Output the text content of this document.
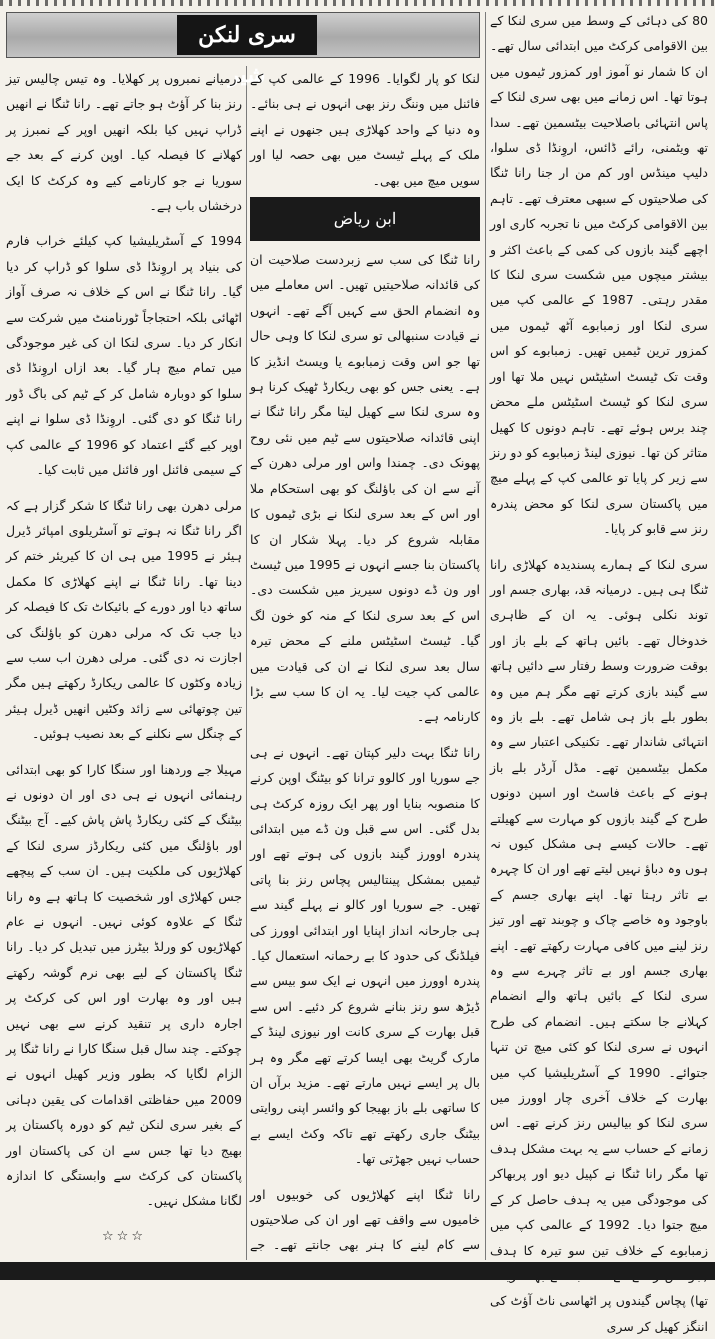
80 کی دہائی کے وسط میں سری لنکا کے بین الاقوامی کرکٹ میں ابتدائی سال تھے۔ ان کا شمار نو آموز اور کمزور ٹیموں میں ہوتا تھا۔ اس زمانے میں بھی سری لنکا کے پاس انتہائی باصلاحیت بیٹسمین تھے۔ سدا تھ ویٹمنی، رائے ڈائس، اروِنڈا ڈی سلوا، دلیپ مینڈس اور کم من ار جنا رانا ٹنگا کی صلاحیتوں کے سبھی معترف تھے۔ تاہم بین الاقوامی کرکٹ میں نا تجربہ کاری اور اچھے گیند بازوں کی کمی کے باعث اکثر و بیشتر میچوں میں شکست سری لنکا کا مقدر رہتی۔ 1987 کے عالمی کپ میں سری لنکا اور زمبابوے آٹھ ٹیموں میں کمزور ترین ٹیمیں تھیں۔ زمبابوے کو اس وقت تک ٹیسٹ اسٹیٹس نہیں ملا تھا اور سری لنکا کو ٹیسٹ اسٹیٹس ملے محض چند برس ہوئے تھے۔ تاہم دونوں کا کھیل متاثر کن تھا۔ نیوزی لینڈ زمبابوے کو دو رنز سے زیر کر پایا تو عالمی کپ کے پہلے میچ میں پاکستان سری لنکا کو محض پندرہ رنز سے قابو کر پایا۔

سری لنکا کے ہمارے پسندیدہ کھلاڑی رانا ٹنگا ہی ہیں۔ درمیانہ قد، بھاری جسم اور توند نکلی ہوئی۔ یہ ان کے ظاہری خدوخال تھے۔ بائیں ہاتھ کے بلے باز اور بوقت ضرورت وسط رفتار سے دائیں ہاتھ سے گیند بازی کرتے تھے مگر ہم میں وہ بطور بلے باز ہی شامل تھے۔ بلے باز وہ انتہائی شاندار تھے۔ تکنیکی اعتبار سے وہ مکمل بیٹسمین تھے۔ مڈل آرڈر بلے باز ہونے کے باعث فاسٹ اور اسپن دونوں طرح کے گیند بازوں کو مہارت سے کھیلتے تھے۔ حالات کیسے ہی مشکل کیوں نہ ہوں وہ دباؤ نہیں لیتے تھے اور ان کا چہرہ بے تاثر رہتا تھا۔ اپنے بھاری جسم کے باوجود وہ خاصے چاک و چوبند تھے اور تیز رنز لینے میں کافی مہارت رکھتے تھے۔ اپنے بھاری جسم اور بے تاثر چہرے سے وہ سری لنکا کے بائیں ہاتھ والے انضمام کہلانے جا سکتے ہیں۔ انضمام کی طرح انہوں نے سری لنکا کو کئی میچ تن تنہا جتوائے۔ 1990 کے آسٹریلیشیا کپ میں بھارت کے خلاف آخری چار اوورز میں سری لنکا کو بیالیس رنز کرنے تھے۔ اس زمانے کے حساب سے یہ بہت مشکل ہدف تھا مگر رانا ٹنگا نے کپیل دیو اور پربھاکر کی موجودگی میں یہ ہدف حاصل کر کے میچ جتوا دیا۔ 1992 کے عالمی کپ میں زمبابوے کے خلاف تین سو تیرہ کا ہدف تھا) پچاس گیندوں پر اٹھاسی ناٹ آؤٹ کی اننگز کھیل کر سری

سری لنکن شیر

لنکا کو پار لگوایا۔ 1996 کے عالمی کپ کے فائنل میں وننگ رنز بھی انہوں نے ہی بنائے۔ وہ دنیا کے واحد کھلاڑی ہیں جنھوں نے اپنے ملک کے پہلے ٹیسٹ میں بھی حصہ لیا اور سویں میچ میں بھی۔

ابن ریاض

رانا ٹنگا کی سب سے زبردست صلاحیت ان کی قائدانہ صلاحیتیں تھیں۔ اس معاملے میں وہ انضمام الحق سے کہیں آگے تھے۔ انہوں نے قیادت سنبھالی تو سری لنکا کا وہی حال تھا جو اس وقت زمبابوے یا ویسٹ انڈیز کا ہے۔ یعنی جس کو بھی ریکارڈ ٹھیک کرنا ہو وہ سری لنکا سے کھیل لیتا مگر رانا ٹنگا نے اپنی قائدانہ صلاحیتوں سے ٹیم میں نئی روح پھونک دی۔ چمندا واس اور مرلی دھرن کے آنے سے ان کی باؤلنگ کو بھی استحکام ملا اور اس کے بعد سری لنکا نے بڑی ٹیموں کا مقابلہ شروع کر دیا۔ پہلا شکار ان کا پاکستان بنا جسے انہوں نے 1995 میں ٹیسٹ اور ون ڈے دونوں سیریز میں شکست دی۔ اس کے بعد سری لنکا کے منہ کو خون لگ گیا۔ ٹیسٹ اسٹیٹس ملنے کے محض تیرہ سال بعد سری لنکا نے ان کی قیادت میں عالمی کپ جیت لیا۔ یہ ان کا سب سے بڑا کارنامہ ہے۔

رانا ٹنگا بہت دلیر کپتان تھے۔ انہوں نے ہی جے سوریا اور کالوو ترانا کو بیٹنگ اوپن کرنے کا منصوبہ بنایا اور پھر ایک روزہ کرکٹ ہی بدل گئی۔ اس سے قبل ون ڈے میں ابتدائی پندرہ اوورز گیند بازوں کی ہوتے تھے اور ٹیمیں بمشکل پینتالیس پچاس رنز بنا پاتی تھیں۔ جے سوریا اور کالو نے پہلے گیند سے ہی جارحانہ انداز اپنایا اور ابتدائی اوورز کی فیلڈنگ کی حدود کا بے رحمانہ استعمال کیا۔ پندرہ اوورز میں انہوں نے ایک سو بیس سے ڈیڑھ سو رنز بنانے شروع کر دئیے۔ اس سے قبل بھارت کے سری کانت اور نیوزی لینڈ کے مارک گریٹ بھی ایسا کرتے تھے مگر وہ ہر بال پر ایسے نہیں مارتے تھے۔ مزید برآں ان کا ساتھی بلے باز بھیجا کو وائسر اپنی روایتی بیٹنگ جاری رکھتے تھے تاکہ وکٹ ایسے بے حساب نہیں جھڑتی تھا۔

رانا ٹنگا اپنے کھلاڑیوں کی خوبیوں اور خامیوں سے واقف تھے اور ان کی صلاحیتوں سے کام لینے کا ہنر بھی جانتے تھے۔ جے

درمیانے نمبروں پر کھلایا۔ وہ تیس چالیس تیز رنز بنا کر آؤٹ ہو جاتے تھے۔ رانا ٹنگا نے انھیں ڈراپ نہیں کیا بلکہ انھیں اوپر کے نمبرز پر کھلانے کا فیصلہ کیا۔ اوپن کرنے کے بعد جے سوریا نے جو کارنامے کیے وہ کرکٹ کا ایک درخشاں باب ہے۔

1994 کے آسٹریلیشیا کپ کیلئے خراب فارم کی بنیاد پر اروِنڈا ڈی سلوا کو ڈراپ کر دیا گیا۔ رانا ٹنگا نے اس کے خلاف نہ صرف آواز اٹھائی بلکہ احتجاجاً ٹورنامنٹ میں شرکت سے انکار کر دیا۔ سری لنکا ان کی غیر موجودگی میں تمام میچ ہار گیا۔ بعد ازاں اروِنڈا ڈی سلوا کو دوبارہ شامل کر کے ٹیم کی باگ ڈور رانا ٹنگا کو دی گئی۔ اروِنڈا ڈی سلوا نے اپنے اوپر کیے گئے اعتماد کو 1996 کے عالمی کپ کے سیمی فائنل اور فائنل میں ثابت کیا۔

مرلی دھرن بھی رانا ٹنگا کا شکر گزار ہے کہ اگر رانا ٹنگا نہ ہوتے تو آسٹریلوی امپائر ڈیرل ہیئر نے 1995 میں ہی ان کا کیریئر ختم کر دینا تھا۔ رانا ٹنگا نے اپنے کھلاڑی کا مکمل ساتھ دیا اور دورے کے بائیکاٹ تک کا فیصلہ کر دیا جب تک کہ مرلی دھرن کو باؤلنگ کی اجازت نہ دی گئی۔ مرلی دھرن اب سب سے زیادہ وکٹوں کا عالمی ریکارڈ رکھتے ہیں مگر تین چوتھائی سے زائد وکٹیں انھیں ڈیرل ہیئر کے چنگل سے نکلنے کے بعد نصیب ہوئیں۔

مہیلا جے وردھنا اور سنگا کارا کو بھی ابتدائی رہنمائی انہوں نے ہی دی اور ان دونوں نے بیٹنگ کے کئی ریکارڈ پاش پاش کیے۔ آج بیٹنگ اور باؤلنگ میں کئی ریکارڈز سری لنکا کے کھلاڑیوں کی ملکیت ہیں۔ ان سب کے پیچھے جس کھلاڑی اور شخصیت کا ہاتھ ہے وہ رانا ٹنگا کے علاوہ کوئی نہیں۔ انہوں نے عام کھلاڑیوں کو ورلڈ بیٹرز میں تبدیل کر دیا۔ رانا ٹنگا پاکستان کے لیے بھی نرم گوشہ رکھتے ہیں اور وہ بھارت اور اس کی کرکٹ پر اجارہ داری پر تنقید کرنے سے بھی نہیں چوکتے۔ چند سال قبل سنگا کارا نے رانا ٹنگا پر الزام لگایا کہ بطور وزیر کھیل انہوں نے 2009 میں حفاظتی اقدامات کی یقین دہانی کے بغیر سری لنکن ٹیم کو دورہ پاکستان پر بھیج دیا تھا جس سے ان کی پاکستان اور پاکستان کی کرکٹ سے وابستگی کا اندازہ لگانا مشکل نہیں۔

☆☆☆
